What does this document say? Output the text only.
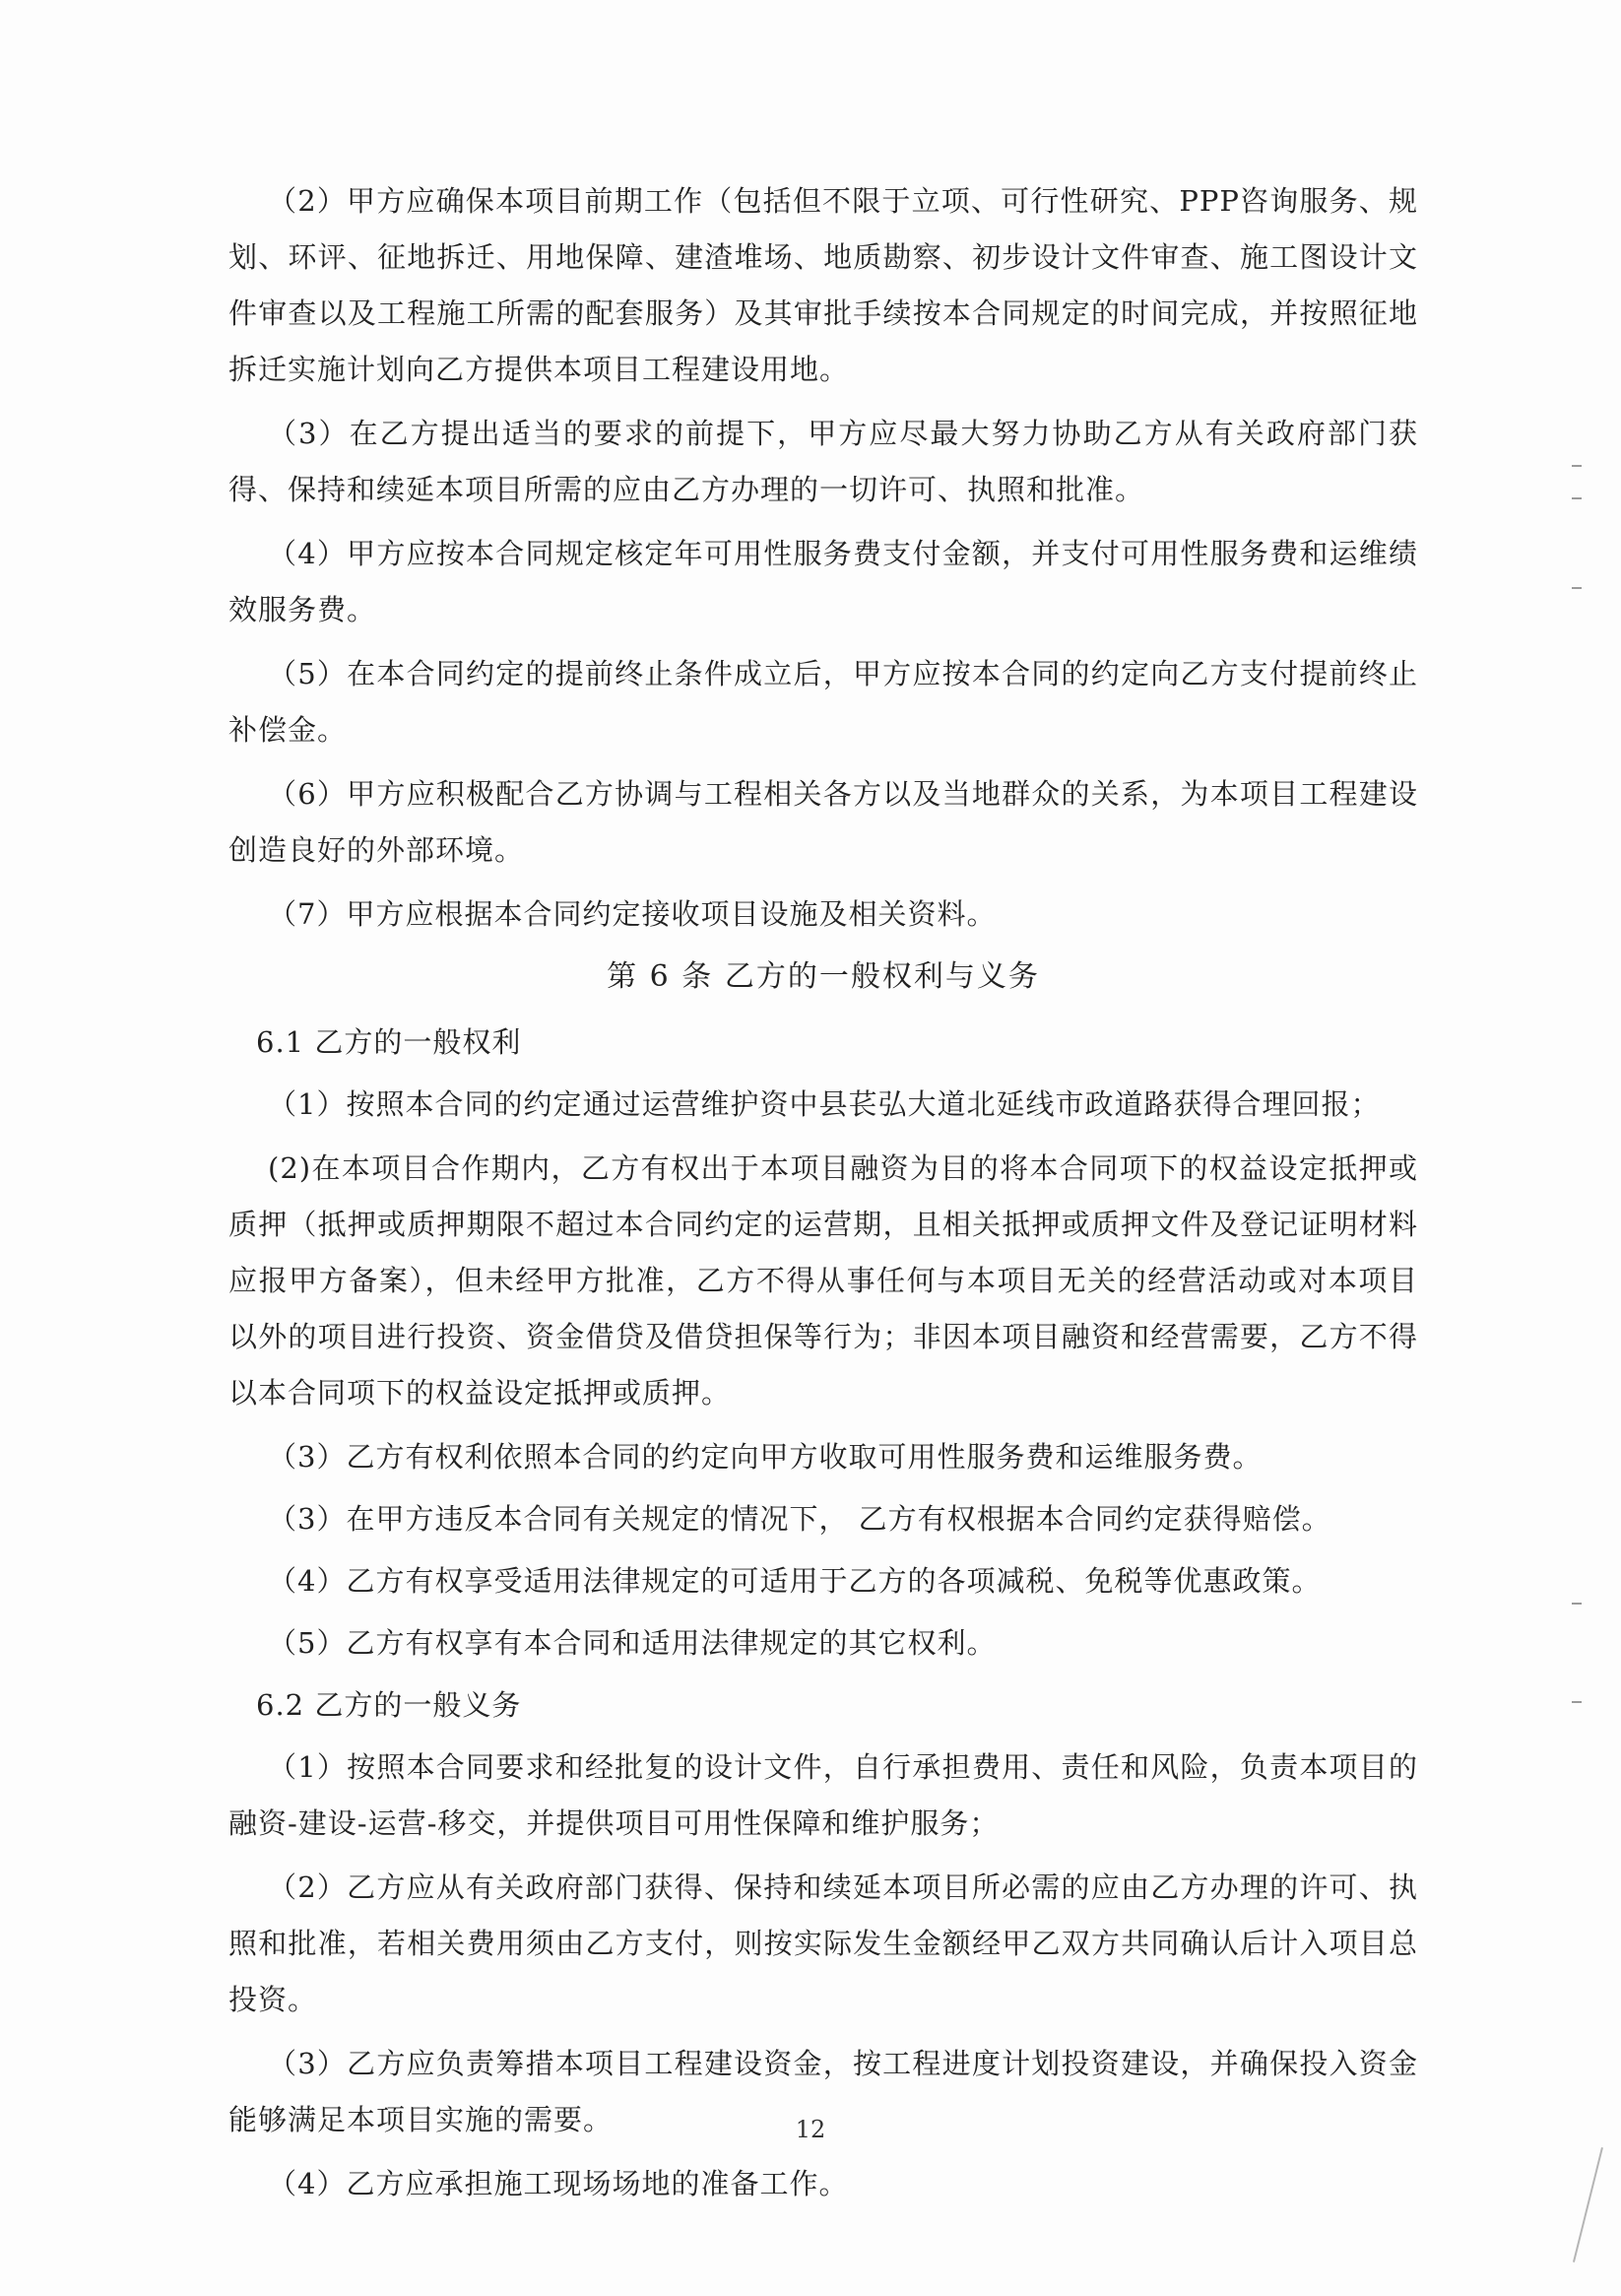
（2）甲方应确保本项目前期工作（包括但不限于立项、可行性研究、PPP咨询服务、规划、环评、征地拆迁、用地保障、建渣堆场、地质勘察、初步设计文件审查、施工图设计文件审查以及工程施工所需的配套服务）及其审批手续按本合同规定的时间完成，并按照征地拆迁实施计划向乙方提供本项目工程建设用地。

（3）在乙方提出适当的要求的前提下，甲方应尽最大努力协助乙方从有关政府部门获得、保持和续延本项目所需的应由乙方办理的一切许可、执照和批准。

（4）甲方应按本合同规定核定年可用性服务费支付金额，并支付可用性服务费和运维绩效服务费。

（5）在本合同约定的提前终止条件成立后，甲方应按本合同的约定向乙方支付提前终止补偿金。

（6）甲方应积极配合乙方协调与工程相关各方以及当地群众的关系，为本项目工程建设创造良好的外部环境。

（7）甲方应根据本合同约定接收项目设施及相关资料。

第 6 条 乙方的一般权利与义务
6.1 乙方的一般权利

（1）按照本合同的约定通过运营维护资中县苌弘大道北延线市政道路获得合理回报；

(2)在本项目合作期内，乙方有权出于本项目融资为目的将本合同项下的权益设定抵押或质押（抵押或质押期限不超过本合同约定的运营期，且相关抵押或质押文件及登记证明材料应报甲方备案），但未经甲方批准，乙方不得从事任何与本项目无关的经营活动或对本项目以外的项目进行投资、资金借贷及借贷担保等行为；非因本项目融资和经营需要，乙方不得以本合同项下的权益设定抵押或质押。

（3）乙方有权利依照本合同的约定向甲方收取可用性服务费和运维服务费。

（3）在甲方违反本合同有关规定的情况下， 乙方有权根据本合同约定获得赔偿。

（4）乙方有权享受适用法律规定的可适用于乙方的各项减税、免税等优惠政策。

（5）乙方有权享有本合同和适用法律规定的其它权利。

6.2 乙方的一般义务

（1）按照本合同要求和经批复的设计文件，自行承担费用、责任和风险，负责本项目的融资-建设-运营-移交，并提供项目可用性保障和维护服务；

（2）乙方应从有关政府部门获得、保持和续延本项目所必需的应由乙方办理的许可、执照和批准，若相关费用须由乙方支付，则按实际发生金额经甲乙双方共同确认后计入项目总投资。

（3）乙方应负责筹措本项目工程建设资金，按工程进度计划投资建设，并确保投入资金能够满足本项目实施的需要。

（4）乙方应承担施工现场场地的准备工作。

12
